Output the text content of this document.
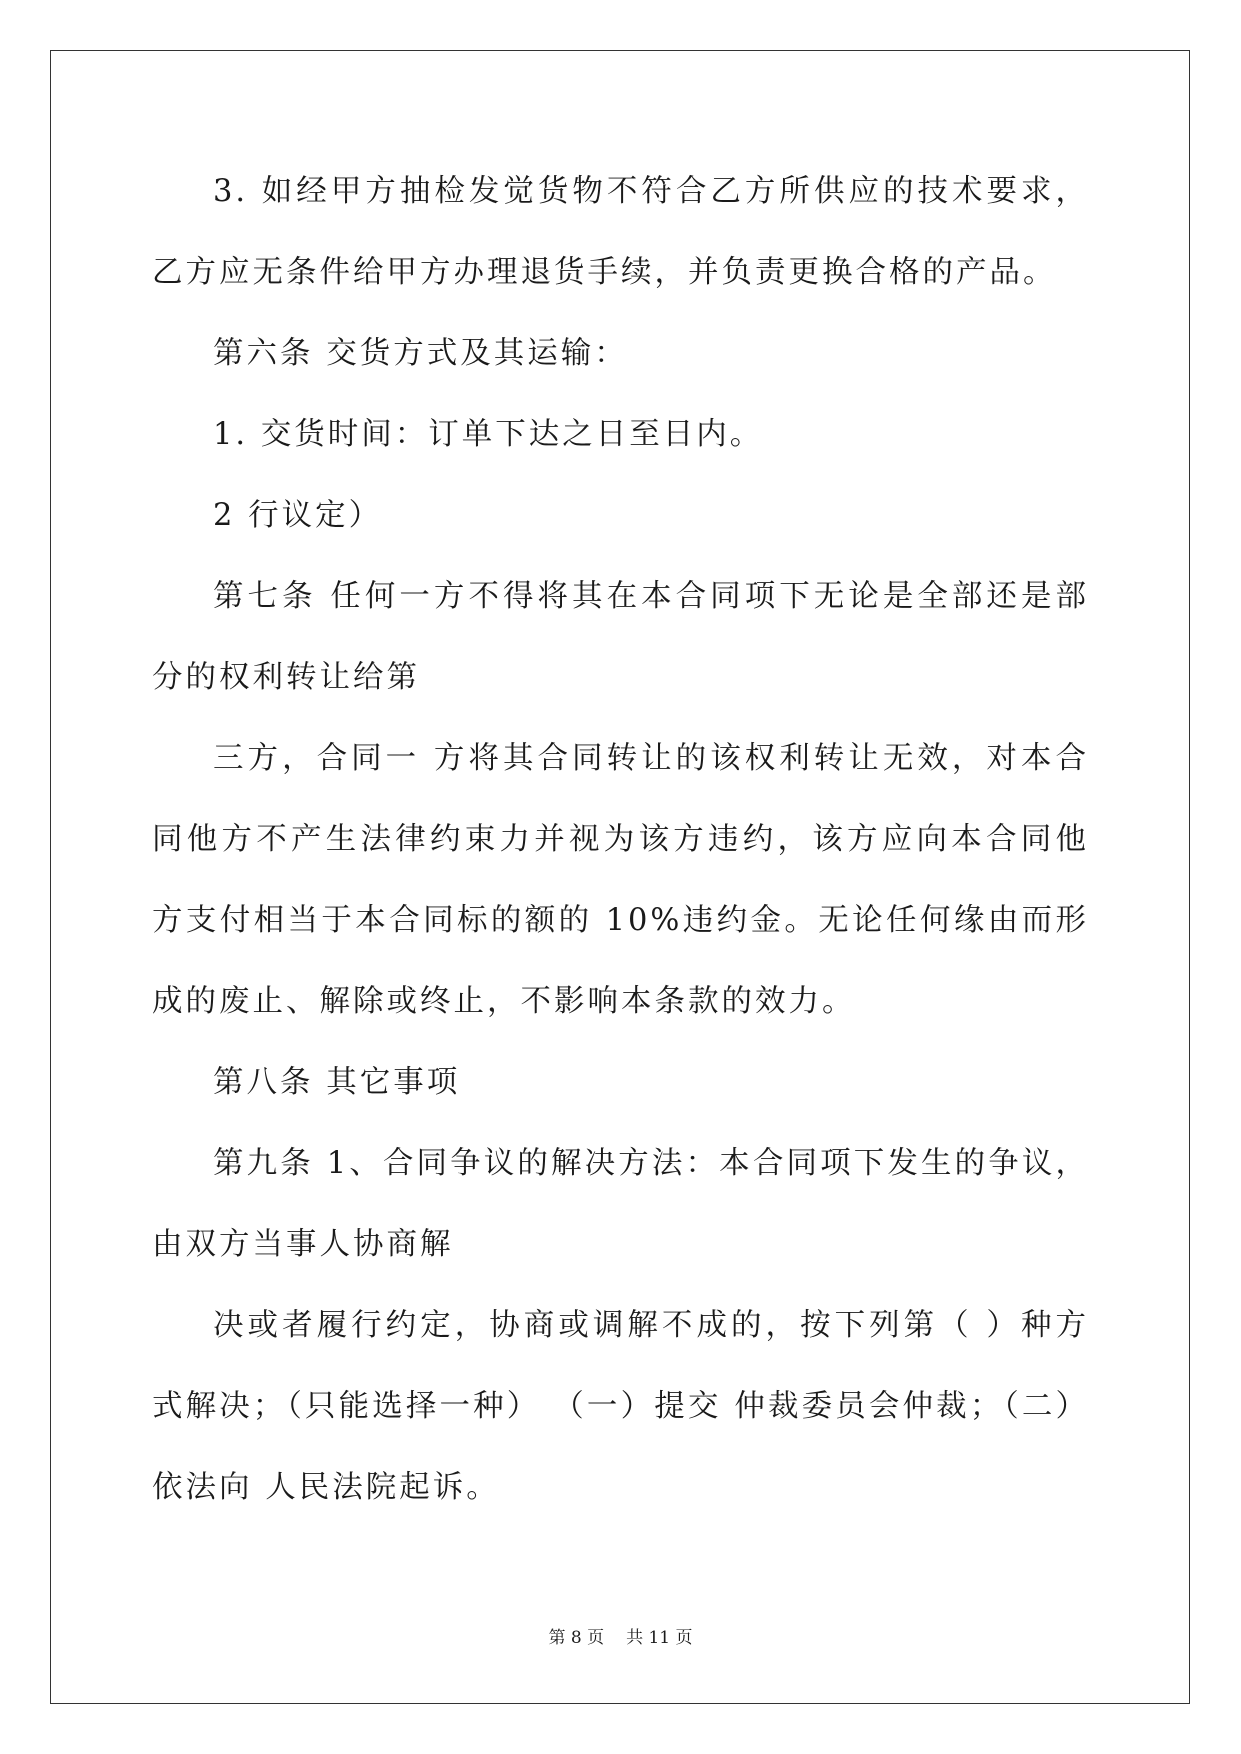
3. 如经甲方抽检发觉货物不符合乙方所供应的技术要求，乙方应无条件给甲方办理退货手续，并负责更换合格的产品。

第六条 交货方式及其运输：

1. 交货时间：订单下达之日至日内。

2 行议定）

第七条 任何一方不得将其在本合同项下无论是全部还是部分的权利转让给第

三方，合同一 方将其合同转让的该权利转让无效，对本合同他方不产生法律约束力并视为该方违约，该方应向本合同他方支付相当于本合同标的额的 10%违约金。无论任何缘由而形成的废止、解除或终止，不影响本条款的效力。

第八条 其它事项

第九条 1、合同争议的解决方法：本合同项下发生的争议，由双方当事人协商解

决或者履行约定，协商或调解不成的，按下列第（ ）种方式解决；（只能选择一种） （一）提交 仲裁委员会仲裁；（二）依法向 人民法院起诉。

第 8 页 共 11 页
